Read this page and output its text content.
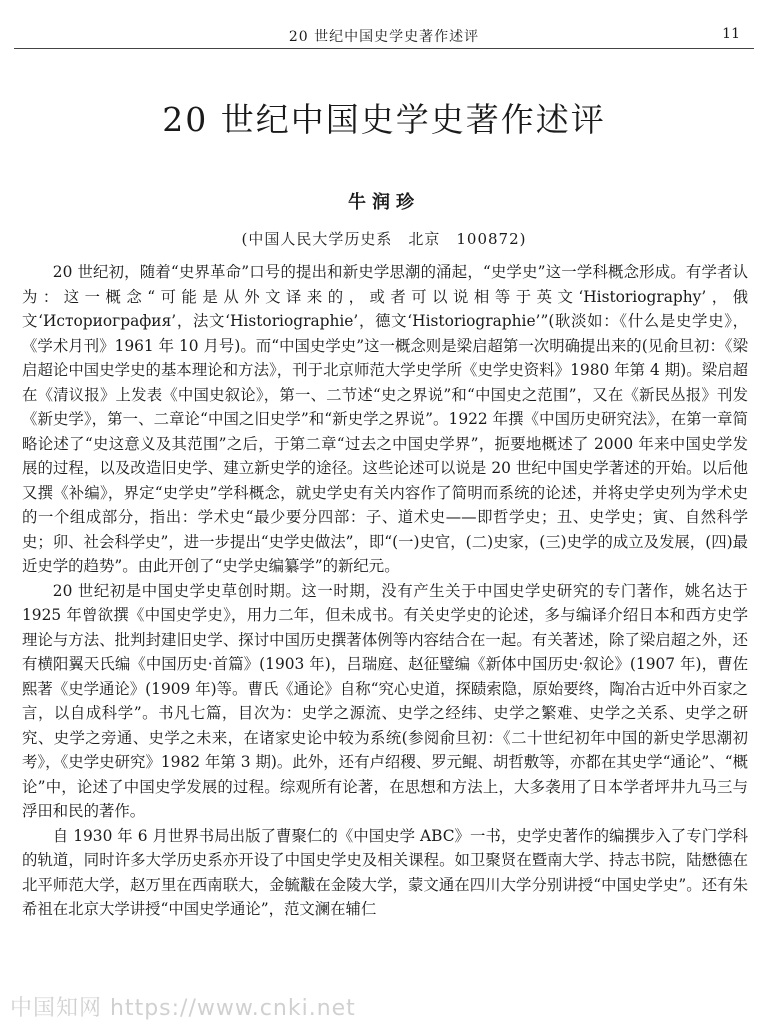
20 世纪中国史学史著作述评	11
20 世纪中国史学史著作述评
牛润珍
(中国人民大学历史系　北京　100872)

20 世纪初，随着“史界革命”口号的提出和新史学思潮的涌起，“史学史”这一学科概念形成。有学者认为：这一概念“可能是从外文译来的，或者可以说相等于英文‘Historiography’，俄文‘Историография’，法文‘Historiographie’，德文‘Historiographie’”(耿淡如：《什么是史学史》，《学术月刊》1961 年 10 月号)。而“中国史学史”这一概念则是梁启超第一次明确提出来的(见俞旦初：《梁启超论中国史学史的基本理论和方法》，刊于北京师范大学史学所《史学史资料》1980 年第 4 期)。梁启超在《清议报》上发表《中国史叙论》，第一、二节述“史之界说”和“中国史之范围”，又在《新民丛报》刊发《新史学》，第一、二章论“中国之旧史学”和“新史学之界说”。1922 年撰《中国历史研究法》，在第一章简略论述了“史这意义及其范围”之后，于第二章“过去之中国史学界”，扼要地概述了 2000 年来中国史学发展的过程，以及改造旧史学、建立新史学的途径。这些论述可以说是 20 世纪中国史学著述的开始。以后他又撰《补编》，界定“史学史”学科概念，就史学史有关内容作了简明而系统的论述，并将史学史列为学术史的一个组成部分，指出：学术史“最少要分四部：子、道术史——即哲学史；丑、史学史；寅、自然科学史；卯、社会科学史”，进一步提出“史学史做法”，即“(一)史官，(二)史家，(三)史学的成立及发展，(四)最近史学的趋势”。由此开创了“史学史编纂学”的新纪元。

20 世纪初是中国史学史草创时期。这一时期，没有产生关于中国史学史研究的专门著作，姚名达于 1925 年曾欲撰《中国史学史》，用力二年，但未成书。有关史学史的论述，多与编译介绍日本和西方史学理论与方法、批判封建旧史学、探讨中国历史撰著体例等内容结合在一起。有关著述，除了梁启超之外，还有横阳翼天氏编《中国历史·首篇》(1903 年)，吕瑞庭、赵征璧编《新体中国历史·叙论》(1907 年)，曹佐熙著《史学通论》(1909 年)等。曹氏《通论》自称“究心史道，探赜索隐，原始要终，陶冶古近中外百家之言，以自成科学”。书凡七篇，目次为：史学之源流、史学之经纬、史学之繁难、史学之关系、史学之研究、史学之旁通、史学之未来，在诸家史论中较为系统(参阅俞旦初：《二十世纪初年中国的新史学思潮初考》，《史学史研究》1982 年第 3 期)。此外，还有卢绍稷、罗元鲲、胡哲敷等，亦都在其史学“通论”、“概论”中，论述了中国史学发展的过程。综观所有论著，在思想和方法上，大多袭用了日本学者坪井九马三与浮田和民的著作。

自 1930 年 6 月世界书局出版了曹聚仁的《中国史学 ABC》一书，史学史著作的编撰步入了专门学科的轨道，同时许多大学历史系亦开设了中国史学史及相关课程。如卫聚贤在暨南大学、持志书院，陆懋德在北平师范大学，赵万里在西南联大，金毓黻在金陵大学，蒙文通在四川大学分别讲授“中国史学史”。还有朱希祖在北京大学讲授“中国史学通论”，范文澜在辅仁

中国知网 https://www.cnki.net
